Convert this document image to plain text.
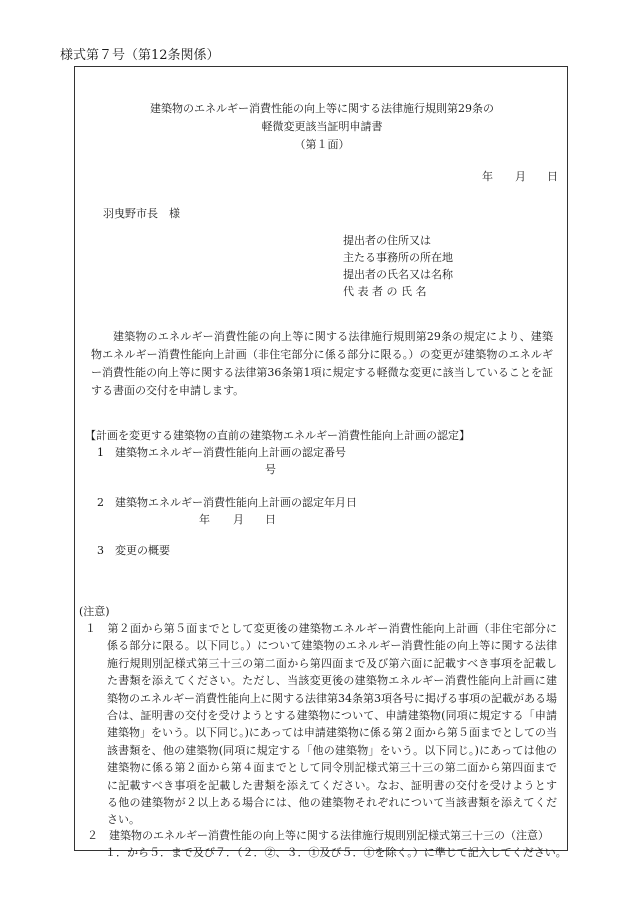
様式第７号（第12条関係）
建築物のエネルギー消費性能の向上等に関する法律施行規則第29条の
軽微変更該当証明申請書
（第１面）
年 月 日
羽曳野市長　様
提出者の住所又は
主たる事務所の所在地
提出者の氏名又は名称
代 表 者 の 氏 名
建築物のエネルギー消費性能の向上等に関する法律施行規則第29条の規定により、建築物エネルギー消費性能向上計画（非住宅部分に係る部分に限る。）の変更が建築物のエネルギー消費性能の向上等に関する法律第36条第1項に規定する軽微な変更に該当していることを証する書面の交付を申請します。
【計画を変更する建築物の直前の建築物エネルギー消費性能向上計画の認定】
1　建築物エネルギー消費性能向上計画の認定番号
号
2　建築物エネルギー消費性能向上計画の認定年月日
年 月 日
3　変更の概要
(注意)
１　第２面から第５面までとして変更後の建築物エネルギー消費性能向上計画（非住宅部分に係る部分に限る。以下同じ。）について建築物のエネルギー消費性能の向上等に関する法律施行規則別記様式第三十三の第二面から第四面まで及び第六面に記載すべき事項を記載した書類を添えてください。ただし、当該変更後の建築物エネルギー消費性能向上計画に建築物のエネルギー消費性能向上に関する法律第34条第3項各号に掲げる事項の記載がある場合は、証明書の交付を受けようとする建築物について、申請建築物(同項に規定する「申請建築物」をいう。以下同じ。)にあっては申請建築物に係る第２面から第５面までとしての当該書類を、他の建築物(同項に規定する「他の建築物」をいう。以下同じ。)にあっては他の建築物に係る第２面から第４面までとして同令別記様式第三十三の第二面から第四面までに記載すべき事項を記載した書類を添えてください。なお、証明書の交付を受けようとする他の建築物が２以上ある場合には、他の建築物それぞれについて当該書類を添えてください。
２　建築物のエネルギー消費性能の向上等に関する法律施行規則別記様式第三十三の（注意）
１．から５．まで及び７．（２．②、３．①及び５．①を除く。）に準じて記入してください。
